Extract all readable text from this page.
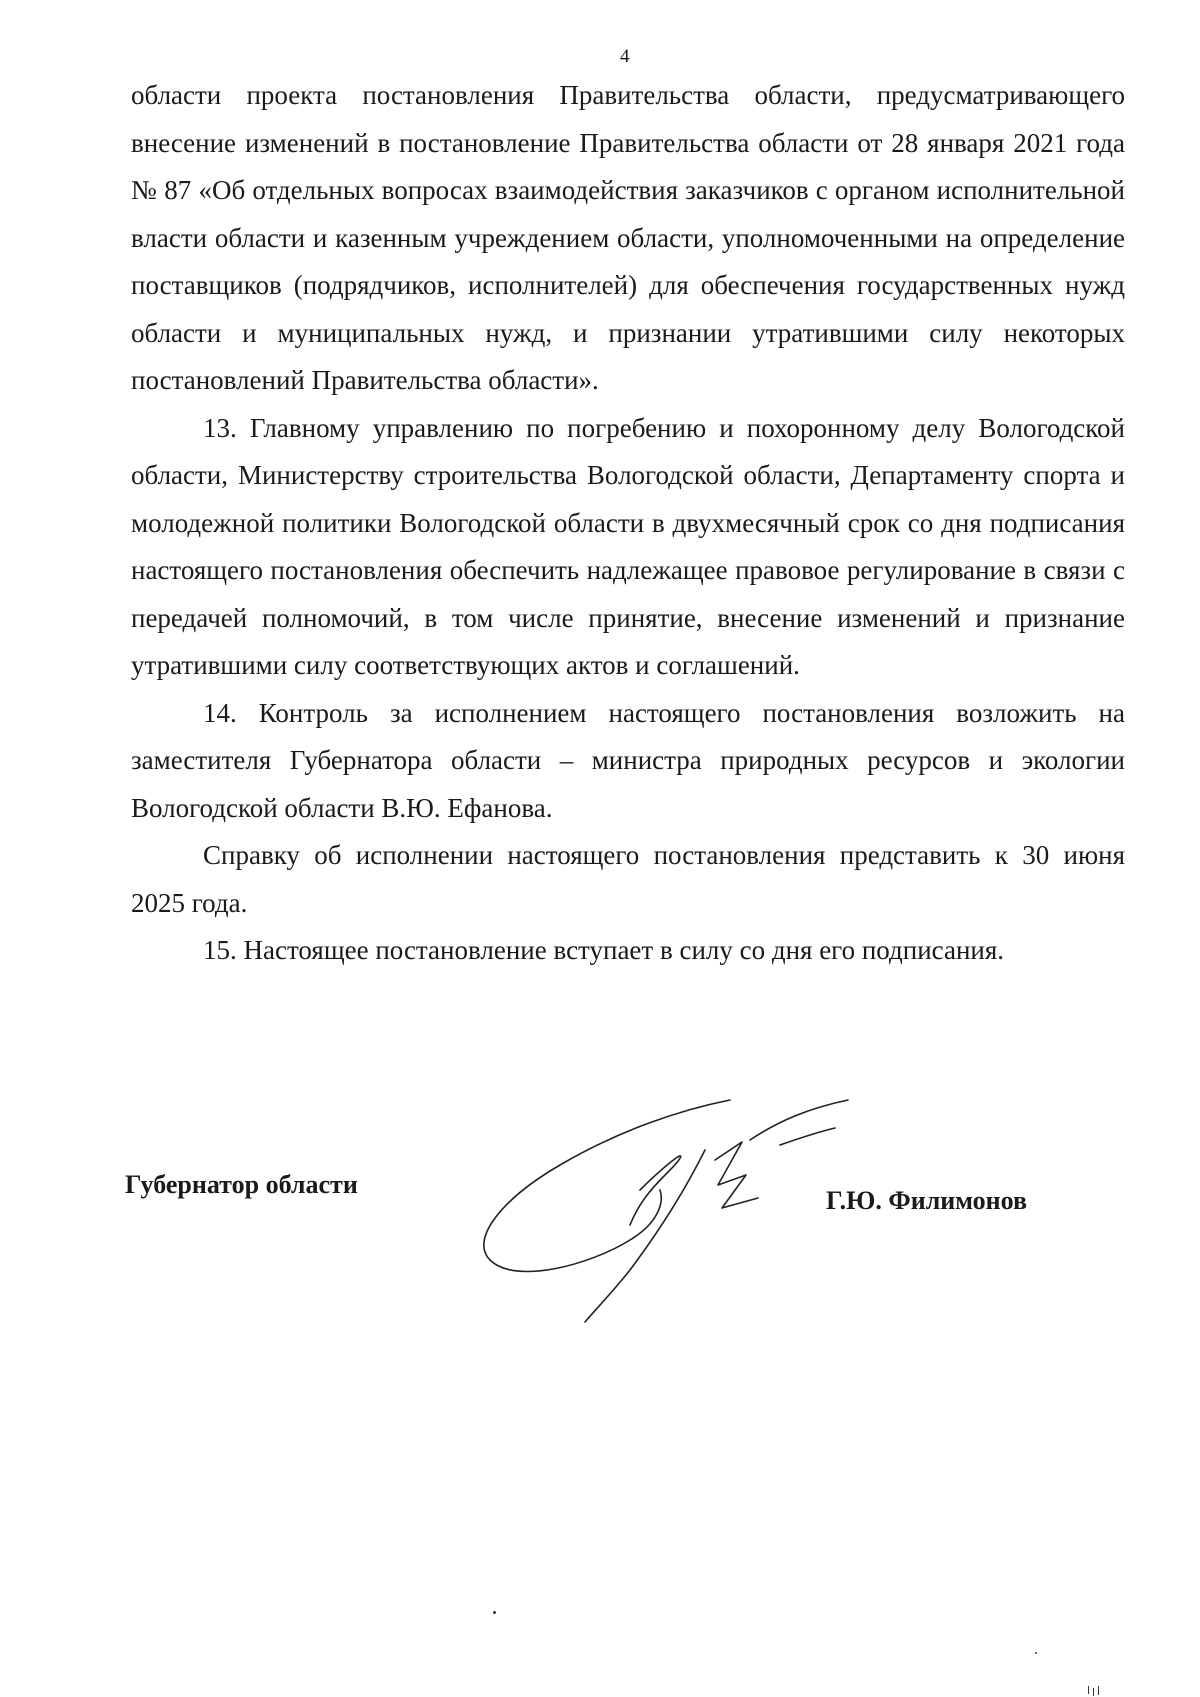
4

области проекта постановления Правительства области, предусматривающего внесение изменений в постановление Правительства области от 28 января 2021 года № 87 «Об отдельных вопросах взаимодействия заказчиков с органом исполнительной власти области и казенным учреждением области, уполномоченными на определение поставщиков (подрядчиков, исполнителей) для обеспечения государственных нужд области и муниципальных нужд, и признании утратившими силу некоторых постановлений Правительства области».

13. Главному управлению по погребению и похоронному делу Вологодской области, Министерству строительства Вологодской области, Департаменту спорта и молодежной политики Вологодской области в двухмесячный срок со дня подписания настоящего постановления обеспечить надлежащее правовое регулирование в связи с передачей полномочий, в том числе принятие, внесение изменений и признание утратившими силу соответствующих актов и соглашений.

14. Контроль за исполнением настоящего постановления возложить на заместителя Губернатора области – министра природных ресурсов и экологии Вологодской области В.Ю. Ефанова.

Справку об исполнении настоящего постановления представить к 30 июня 2025 года.

15. Настоящее постановление вступает в силу со дня его подписания.

Губернатор области
Г.Ю. Филимонов
